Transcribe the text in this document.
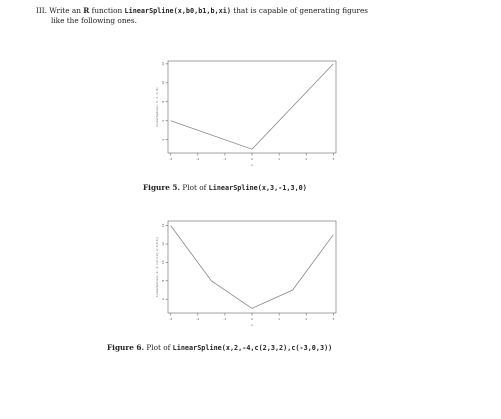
III. Write an R function LinearSpline(x,b0,b1,b,xi) that is capable of generating figures
like the following ones.
-3	-2	-1	0	1	2	3
4
6
8
10
12
x
LinearSpline(x, 3, -1, 3, 0)
Figure 5. Plot of LinearSpline(x,3,-1,3,0)
-3	-2	-1	0	1	2	3
6
8
10
12
14
x
LinearSpline(x, 2, -4, c(2,3,2), c(-3,0,3))
Figure 6. Plot of LinearSpline(x,2,-4,c(2,3,2),c(-3,0,3))
